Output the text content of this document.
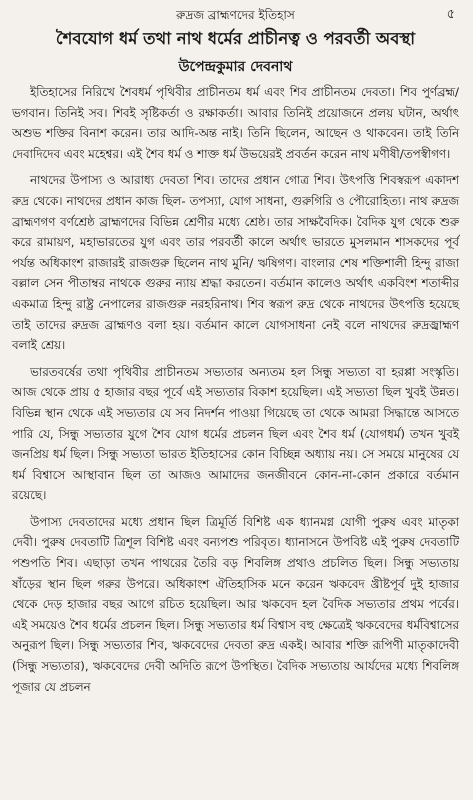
রুদ্রজ ব্রাহ্মণদের ইতিহাস	৫
শৈবযোগ ধর্ম তথা নাথ ধর্মের প্রাচীনত্ব ও পরবর্তী অবস্থা
উপেন্দ্রকুমার দেবনাথ

ইতিহাসের নিরিখে শৈবধর্ম পৃথিবীর প্রাচীনতম ধর্ম এবং শিব প্রাচীনতম দেবতা। শিব পুর্ণব্রহ্ম/ ভগবান। তিনিই সব। শিবই সৃষ্টিকর্তা ও রক্ষাকর্তা। আবার তিনিই প্রয়োজনে প্রলয় ঘটান, অর্থাৎ অশুভ শক্তির বিনাশ করেন। তার আদি-অন্ত নাই। তিনি ছিলেন, আছেন ও থাকবেন। তাই তিনি দেবাদিদেব এবং মহেশ্বর। এই শৈব ধর্ম ও শাক্ত ধর্ম উভয়েরই প্রবর্তন করেন নাথ মণীষী/তপস্বীগণ।

নাথদের উপাস্য ও আরাধ্য দেবতা শিব। তাদের প্রধান গোত্র শিব। উৎপত্তি শিবস্বরূপ একাদশ রুদ্র থেকে। নাথদের প্রধান কাজ ছিল- তপস্যা, যোগ সাধনা, গুরুগিরি ও পৌরোহিত্য। নাথ রুদ্রজ ব্রাহ্মণগণ বর্ণশ্রেষ্ঠ ব্রাহ্মণদের বিভিন্ন শ্রেণীর মধ্যে শ্রেষ্ঠ। তার সাক্ষবৈদিক। বৈদিক যুগ থেকে শুরু করে রামায়ণ, মহাভারতের যুগ এবং তার পরবর্তী কালে অর্থাৎ ভারতে মুসলমান শাসকদের পূর্ব পর্যন্ত অধিকাংশ রাজারই রাজগুরু ছিলেন নাথ মুনি/ ঋষিগণ। বাংলার শেষ শক্তিশালী হিন্দু রাজা বল্লাল সেন পীতাম্বর নাথকে গুরুর ন্যায় শ্রদ্ধা করতেন। বর্তমান কালেও অর্থাৎ একবিংশ শতাব্দীর একমাত্র হিন্দু রাষ্ট্র নেপালের রাজগুরু নরহরিনাথ। শিব স্বরূপ রুদ্র থেকে নাথদের উৎপত্তি হয়েছে তাই তাদের রুদ্রজ ব্রাহ্মণও বলা হয়। বর্তমান কালে যোগসাধনা নেই বলে নাথদের রুদ্রজ্ব্রাহ্মণ বলাই শ্রেয়।

ভারতবর্ষের তথা পৃথিবীর প্রাচীনতম সভ্যতার অন্যতম হল সিন্ধু সভ্যতা বা হরপ্পা সংস্কৃতি। আজ থেকে প্রায় ৫ হাজার বছর পূর্বে এই সভ্যতার বিকাশ হয়েছিল। এই সভ্যতা ছিল খুবই উন্নত। বিভিন্ন স্থান থেকে এই সভ্যতার যে সব নিদর্শন পাওয়া গিয়েছে তা থেকে আমরা সিদ্ধান্তে আসতে পারি যে, সিন্ধু সভ্যতার যুগে শৈব যোগ ধর্মের প্রচলন ছিল এবং শৈব ধর্ম (যোগধর্ম) তখন খুবই জনপ্রিয় ধর্ম ছিল। সিন্ধু সভ্যতা ভারত ইতিহাসের কোন বিচ্ছিন্ন অধ্যায় নয়। সে সময়ে মানুষের যে ধর্ম বিশ্বাসে আস্থাবান ছিল তা আজও আমাদের জনজীবনে কোন-না-কোন প্রকারে বর্তমান রয়েছে।

উপাস্য দেবতাদের মধ্যে প্রধান ছিল ত্রিমূর্তি বিশিষ্ট এক ধ্যানমগ্ন যোগী পুরুষ এবং মাতৃকা দেবী। পুরুষ দেবতাটি ত্রিশূল বিশিষ্ট এবং বন্যপশু পরিবৃত। ধ্যানাসনে উপবিষ্ট এই পুরুষ দেবতাটি পশুপতি শিব। এছাড়া তখন পাথরের তৈরি বড় শিবলিঙ্গ প্রথাও প্রচলিত ছিল। সিন্ধু সভ্যতায় ষাঁড়ের স্থান ছিল গরুর উপরে। অধিকাংশ ঐতিহাসিক মনে করেন ঋকবেদ খ্রীষ্টপূর্ব দুই হাজার থেকে দেড় হাজার বছর আগে রচিত হয়েছিল। আর ঋকবেদ হল বৈদিক সভ্যতার প্রথম পর্বের। এই সময়েও শৈব ধর্মের প্রচলন ছিল। সিন্ধু সভ্যতার ধর্ম বিশ্বাস বহু ক্ষেত্রেই ঋকবেদের ধর্মবিশ্বাসের অনুরূপ ছিল। সিন্ধু সভ্যতার শিব, ঋকবেদের দেবতা রুদ্র একই। আবার শক্তি রূপিণী মাতৃকাদেবী (সিন্ধু সভ্যতার), ঋকবেদের দেবী অদিতি রূপে উপস্থিত। বৈদিক সভ্যতায় আর্যদের মধ্যে শিবলিঙ্গ পূজার যে প্রচলন
